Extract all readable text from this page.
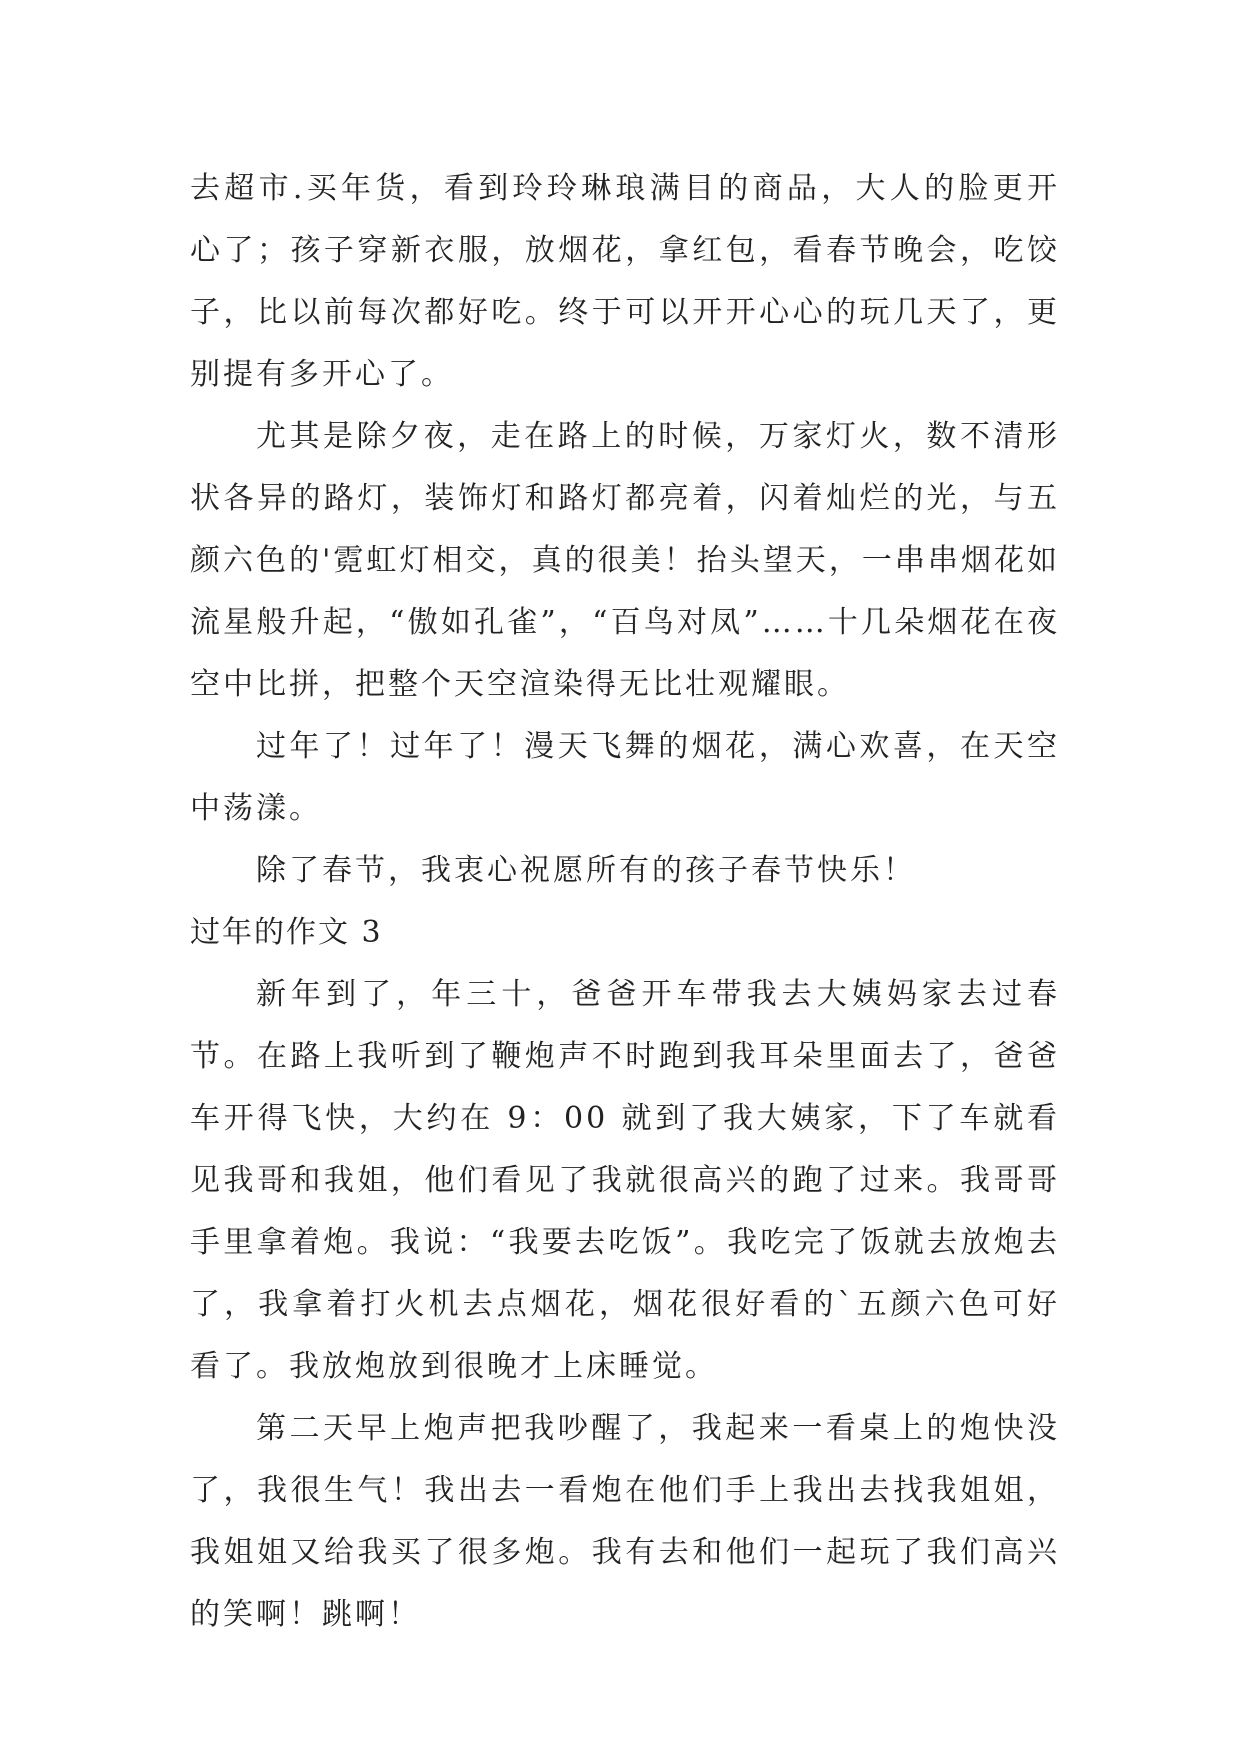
去超市.买年货，看到玲玲琳琅满目的商品，大人的脸更开心了；孩子穿新衣服，放烟花，拿红包，看春节晚会，吃饺子，比以前每次都好吃。终于可以开开心心的玩几天了，更别提有多开心了。

尤其是除夕夜，走在路上的时候，万家灯火，数不清形状各异的路灯，装饰灯和路灯都亮着，闪着灿烂的光，与五颜六色的'霓虹灯相交，真的很美！抬头望天，一串串烟花如流星般升起，“傲如孔雀”，“百鸟对凤”……十几朵烟花在夜空中比拼，把整个天空渲染得无比壮观耀眼。

过年了！过年了！漫天飞舞的烟花，满心欢喜，在天空中荡漾。

除了春节，我衷心祝愿所有的孩子春节快乐！

过年的作文 3

新年到了，年三十，爸爸开车带我去大姨妈家去过春节。在路上我听到了鞭炮声不时跑到我耳朵里面去了，爸爸车开得飞快，大约在 9：00 就到了我大姨家，下了车就看见我哥和我姐，他们看见了我就很高兴的跑了过来。我哥哥手里拿着炮。我说：“我要去吃饭”。我吃完了饭就去放炮去了，我拿着打火机去点烟花，烟花很好看的`五颜六色可好看了。我放炮放到很晚才上床睡觉。

第二天早上炮声把我吵醒了，我起来一看桌上的炮快没了，我很生气！我出去一看炮在他们手上我出去找我姐姐，我姐姐又给我买了很多炮。我有去和他们一起玩了我们高兴的笑啊！跳啊！
